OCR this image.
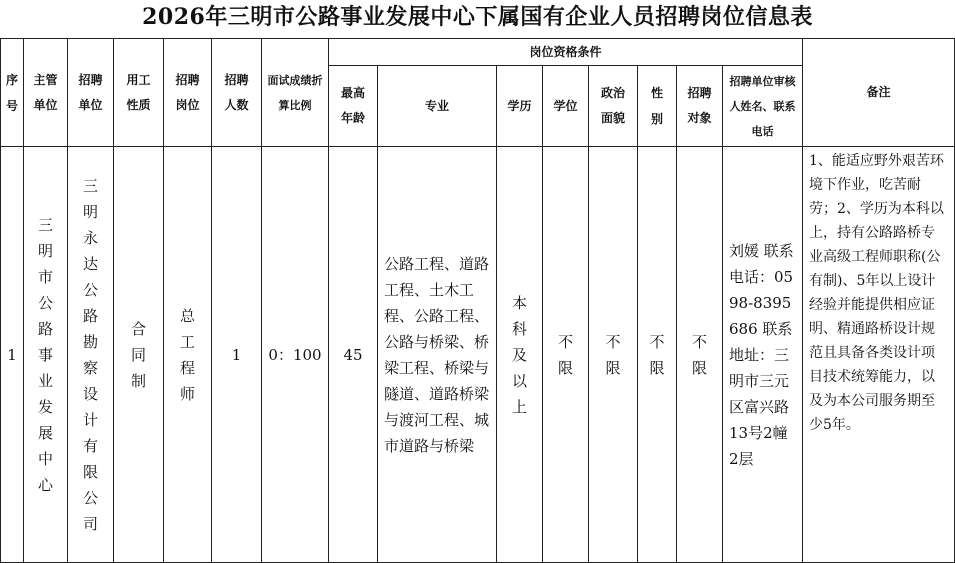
2026年三明市公路事业发展中心下属国有企业人员招聘岗位信息表
序号	主管单位	招聘单位	用工性质	招聘岗位	招聘人数	面试成绩折算比例	岗位资格条件								备注
							最高年龄	专业	学历	学位	政治面貌	性别	招聘对象	招聘单位审核人姓名、联系电话	
1	三明市公路事业发展中心	三明永达公路勘察设计有限公司	合同制	总工程师	1	0：100	45	公路工程、道路工程、土木工程、公路工程、公路与桥梁、桥梁工程、桥梁与隧道、道路桥梁与渡河工程、城市道路与桥梁	本科及以上	不限	不限	不限	不限	刘媛 联系电话：0598-8395686 联系地址：三明市三元区富兴路13号2幢2层	1、能适应野外艰苦环境下作业，吃苦耐劳；2、学历为本科以上，持有公路路桥专业高级工程师职称(公有制)、5年以上设计经验并能提供相应证明、精通路桥设计规范且具备各类设计项目技术统筹能力，以及为本公司服务期至少5年。
